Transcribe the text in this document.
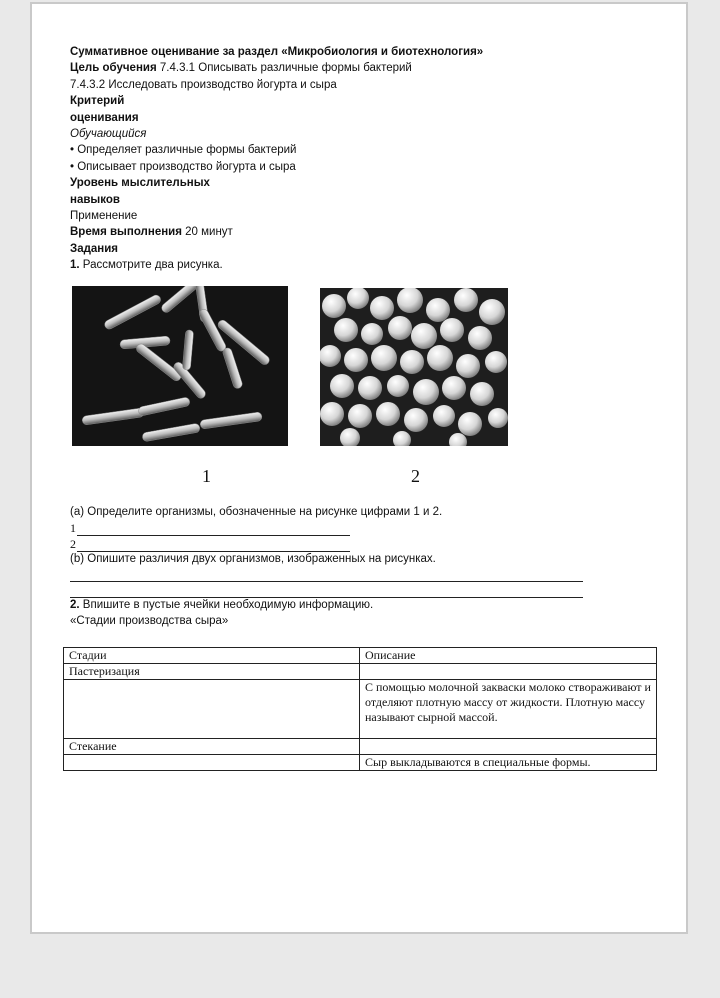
Суммативное оценивание за раздел «Микробиология и биотехнология»

Цель обучения 7.4.3.1 Описывать различные формы бактерий

7.4.3.2 Исследовать производство йогурта и сыра

Критерий

оценивания

Обучающийся

• Определяет различные формы бактерий

• Описывает производство йогурта и сыра

Уровень мыслительных

навыков

Применение

Время выполнения 20 минут

Задания

1. Рассмотрите два рисунка.

1	2

(a) Определите организмы, обозначенные на рисунке цифрами 1 и 2.

1
2

(b) Опишите различия двух организмов, изображенных на рисунках.

2. Впишите в пустые ячейки необходимую информацию.

«Стадии производства сыра»

Стадии	Описание
Пастеризация	
	С помощью молочной закваски молоко створаживают и отделяют плотную массу от жидкости. Плотную массу называют сырной массой.
Стекание	
	Сыр выкладываются в специальные формы.
